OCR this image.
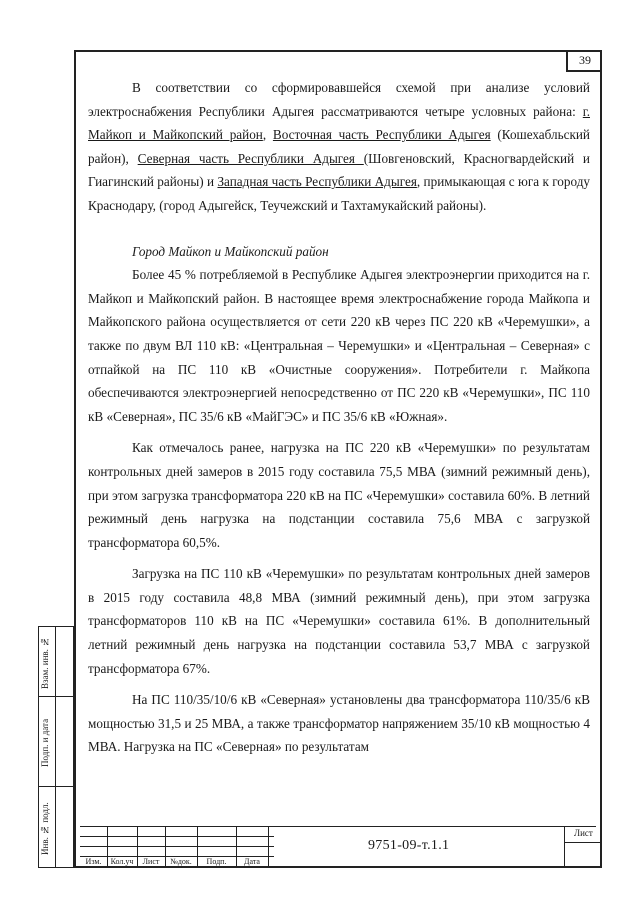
39

В соответствии со сформировавшейся схемой при анализе условий электроснабжения Республики Адыгея рассматриваются четыре условных района: г. Майкоп и Майкопский район, Восточная часть Республики Адыгея (Кошехабльский район), Северная часть Республики Адыгея (Шовгеновский, Красногвардейский и Гиагинский районы) и Западная часть Республики Адыгея, примыкающая с юга к городу Краснодару, (город Адыгейск, Теучежский и Тахтамукайский районы).

Город Майкоп и Майкопский район

Более 45 % потребляемой в Республике Адыгея электроэнергии приходится на г. Майкоп и Майкопский район. В настоящее время электроснабжение города Майкопа и Майкопского района осуществляется от сети 220 кВ через ПС 220 кВ «Черемушки», а также по двум ВЛ 110 кВ: «Центральная – Черемушки» и «Центральная – Северная» с отпайкой на ПС 110 кВ «Очистные сооружения». Потребители г. Майкопа обеспечиваются электроэнергией непосредственно от ПС 220 кВ «Черемушки», ПС 110 кВ «Северная», ПС 35/6 кВ «МайГЭС» и ПС 35/6 кВ «Южная».

Как отмечалось ранее, нагрузка на ПС 220 кВ «Черемушки» по результатам контрольных дней замеров в 2015 году составила 75,5 МВА (зимний режимный день), при этом загрузка трансформатора 220 кВ на ПС «Черемушки» составила 60%. В летний режимный день нагрузка на подстанции составила 75,6 МВА с загрузкой трансформатора 60,5%.

Загрузка на ПС 110 кВ «Черемушки» по результатам контрольных дней замеров в 2015 году составила 48,8 МВА (зимний режимный день), при этом загрузка трансформаторов 110 кВ на ПС «Черемушки» составила 61%. В дополнительный летний режимный день нагрузка на подстанции составила 53,7 МВА с загрузкой трансформатора 67%.

На ПС 110/35/10/6 кВ «Северная» установлены два трансформатора 110/35/6 кВ мощностью 31,5 и 25 МВА, а также трансформатор напряжением 35/10 кВ мощностью 4 МВА. Нагрузка на ПС «Северная» по результатам

Взам. инв. №
Подп. и дата
Инв. № подл.
Изм.	Кол.уч	Лист	№док.	Подп.	Дата
9751-09-т.1.1
Лист
